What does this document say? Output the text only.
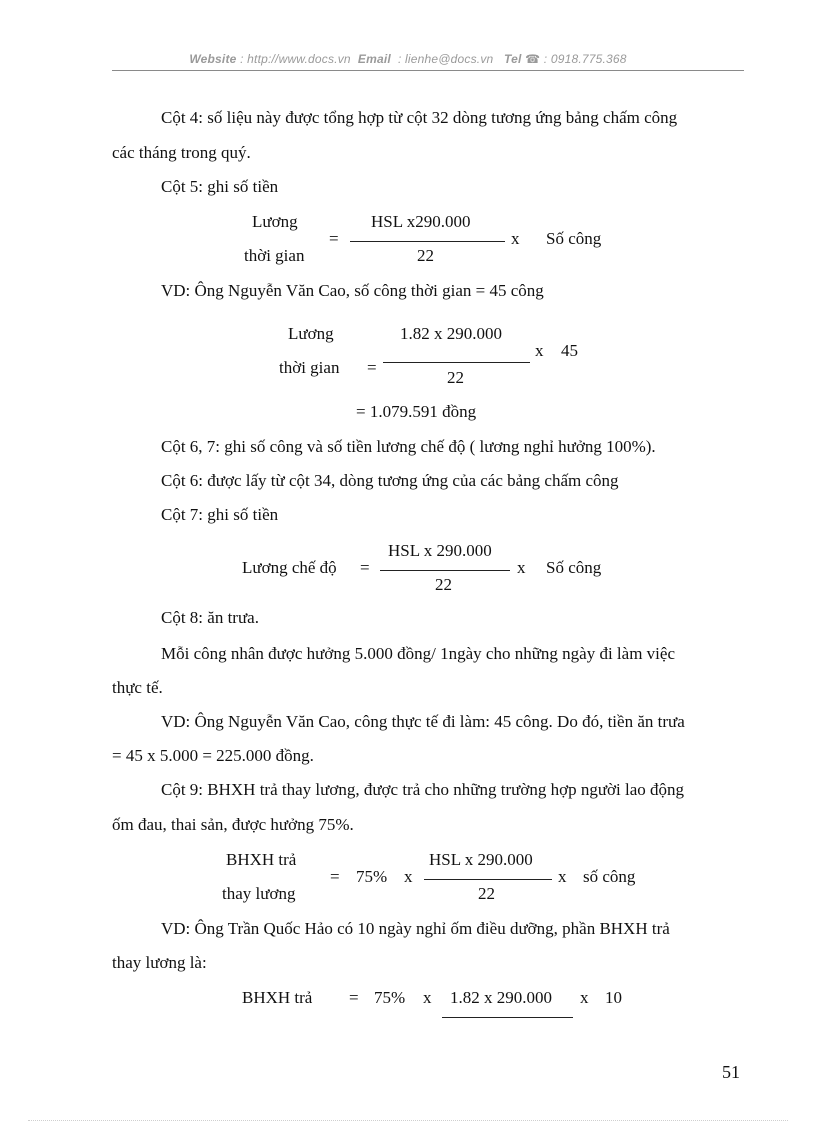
Website : http://www.docs.vn Email : lienhe@docs.vn Tel ☎ : 0918.775.368
Cột 4: số liệu này được tổng hợp từ cột 32 dòng tương ứng bảng chấm công
các tháng trong quý.
Cột 5: ghi số tiền
Lương
thời gian
=
HSL x290.000
22
x Số công
VD: Ông Nguyễn Văn Cao, số công thời gian = 45 công
Lương
thời gian =
1.82 x 290.000
22
x 45
= 1.079.591 đồng
Cột 6, 7: ghi số công và số tiền lương chế độ ( lương nghỉ hưởng 100%).
Cột 6: được lấy từ cột 34, dòng tương ứng của các bảng chấm công
Cột 7: ghi số tiền
Lương chế độ =
HSL x 290.000
22
x Số công
Cột 8: ăn trưa.
Mỗi công nhân được hưởng 5.000 đồng/ 1ngày cho những ngày đi làm việc
thực tế.
VD: Ông Nguyễn Văn Cao, công thực tế đi làm: 45 công. Do đó, tiền ăn trưa
= 45 x 5.000 = 225.000 đồng.
Cột 9: BHXH trả thay lương, được trả cho những trường hợp người lao động
ốm đau, thai sản, được hưởng 75%.
BHXH trả
thay lương
= 75% x
HSL x 290.000
22
x số công
VD: Ông Trần Quốc Hảo có 10 ngày nghỉ ốm điều dưỡng, phần BHXH trả
thay lương là:
BHXH trả = 75% x 1.82 x 290.000 x 10
51
